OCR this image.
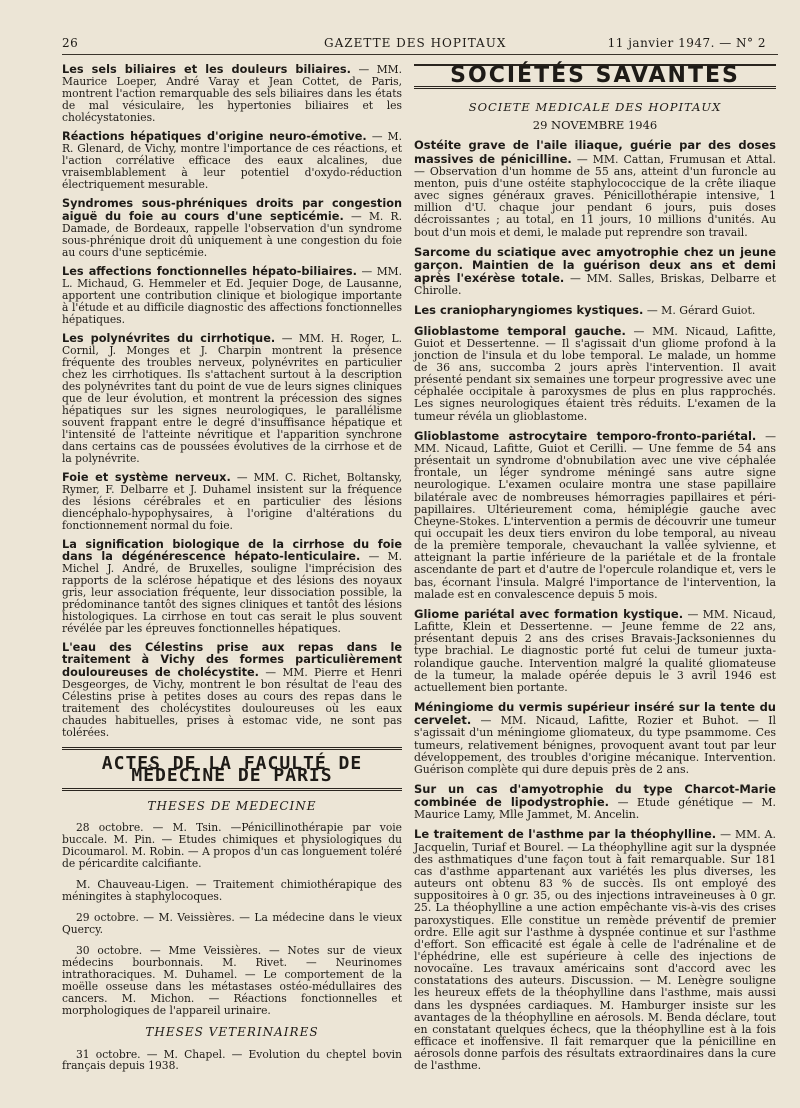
26	GAZETTE DES HOPITAUX	11 janvier 1947. — N° 2
Les sels biliaires et les douleurs biliaires. — MM. Maurice Loeper, André Varay et Jean Cottet, de Paris, montrent l'action remarquable des sels biliaires dans les états de mal vésiculaire, les hypertonies biliaires et les cholécystatonies.
Réactions hépatiques d'origine neuro-émotive. — M. R. Glenard, de Vichy, montre l'importance de ces réactions, et l'action corrélative efficace des eaux alcalines, due vraisemblablement à leur potentiel d'oxydo-réduction électriquement mesurable.
Syndromes sous-phréniques droits par congestion aiguë du foie au cours d'une septicémie. — M. R. Damade, de Bordeaux, rappelle l'observation d'un syndrome sous-phrénique droit dû uniquement à une congestion du foie au cours d'une septicémie.
Les affections fonctionnelles hépato-biliaires. — MM. L. Michaud, G. Hemmeler et Ed. Jequier Doge, de Lausanne, apportent une contribution clinique et biologique importante à l'étude et au difficile diagnostic des affections fonctionnelles hépatiques.
Les polynévrites du cirrhotique. — MM. H. Roger, L. Cornil, J. Monges et J. Charpin montrent la présence fréquente des troubles nerveux, polynévrites en particulier chez les cirrhotiques. Ils s'attachent surtout à la description des polynévrites tant du point de vue de leurs signes cliniques que de leur évolution, et montrent la précession des signes hépatiques sur les signes neurologiques, le parallélisme souvent frappant entre le degré d'insuffisance hépatique et l'intensité de l'atteinte névritique et l'apparition synchrone dans certains cas de poussées évolutives de la cirrhose et de la polynévrite.
Foie et système nerveux. — MM. C. Richet, Boltansky, Rymer, F. Delbarre et J. Duhamel insistent sur la fréquence des lésions cérébrales et en particulier des lésions diencéphalo-hypophysaires, à l'origine d'altérations du fonctionnement normal du foie.
La signification biologique de la cirrhose du foie dans la dégénérescence hépato-lenticulaire. — M. Michel J. André, de Bruxelles, souligne l'imprécision des rapports de la sclérose hépatique et des lésions des noyaux gris, leur association fréquente, leur dissociation possible, la prédominance tantôt des signes cliniques et tantôt des lésions histologiques. La cirrhose en tout cas serait le plus souvent révélée par les épreuves fonctionnelles hépatiques.
L'eau des Célestins prise aux repas dans le traitement à Vichy des formes particulièrement douloureuses de cholécystite. — MM. Pierre et Henri Desgeorges, de Vichy, montrent le bon résultat de l'eau des Célestins prise à petites doses au cours des repas dans le traitement des cholécystites douloureuses où les eaux chaudes habituelles, prises à estomac vide, ne sont pas tolérées.
ACTES DE LA FACULTÉ DE MÉDECINE DE PARIS
THESES DE MEDECINE
28 octobre. — M. Tsin. —Pénicillinothérapie par voie buccale. M. Pin. — Etudes chimiques et physiologiques du Dicoumarol. M. Robin. — A propos d'un cas longuement toléré de péricardite calcifiante.
M. Chauveau-Ligen. — Traitement chimiothérapique des méningites à staphylocoques.
29 octobre. — M. Veissières. — La médecine dans le vieux Quercy.
30 octobre. — Mme Veissières. — Notes sur de vieux médecins bourbonnais. M. Rivet. — Neurinomes intrathoraciques. M. Duhamel. — Le comportement de la moëlle osseuse dans les métastases ostéo-médullaires des cancers. M. Michon. — Réactions fonctionnelles et morphologiques de l'appareil urinaire.
THESES VETERINAIRES
31 octobre. — M. Chapel. — Evolution du cheptel bovin français depuis 1938.
SOCIÉTÉS SAVANTES
SOCIETE MEDICALE DES HOPITAUX
29 NOVEMBRE 1946
Ostéite grave de l'aile iliaque, guérie par des doses massives de pénicilline. — MM. Cattan, Frumusan et Attal. — Observation d'un homme de 55 ans, atteint d'un furoncle au menton, puis d'une ostéite staphylococcique de la crête iliaque avec signes généraux graves. Pénicillothérapie intensive, 1 million d'U. chaque jour pendant 6 jours, puis doses décroissantes ; au total, en 11 jours, 10 millions d'unités. Au bout d'un mois et demi, le malade put reprendre son travail.
Sarcome du sciatique avec amyotrophie chez un jeune garçon. Maintien de la guérison deux ans et demi après l'exérèse totale. — MM. Salles, Briskas, Delbarre et Chirolle.
Les craniopharyngiomes kystiques. — M. Gérard Guiot.
Glioblastome temporal gauche. — MM. Nicaud, Lafitte, Guiot et Dessertenne. — Il s'agissait d'un gliome profond à la jonction de l'insula et du lobe temporal. Le malade, un homme de 36 ans, succomba 2 jours après l'intervention. Il avait présenté pendant six semaines une torpeur progressive avec une céphalée occipitale à paroxysmes de plus en plus rapprochés. Les signes neurologiques étaient très réduits. L'examen de la tumeur révéla un glioblastome.
Glioblastome astrocytaire temporo-fronto-pariétal. — MM. Nicaud, Lafitte, Guiot et Cerilli. — Une femme de 54 ans présentait un syndrome d'obnubilation avec une vive céphalée frontale, un léger syndrome méningé sans autre signe neurologique. L'examen oculaire montra une stase papillaire bilatérale avec de nombreuses hémorragies papillaires et péri-papillaires. Ultérieurement coma, hémiplégie gauche avec Cheyne-Stokes. L'intervention a permis de découvrir une tumeur qui occupait les deux tiers environ du lobe temporal, au niveau de la première temporale, chevauchant la vallée sylvienne, et atteignant la partie inférieure de la pariétale et de la frontale ascendante de part et d'autre de l'opercule rolandique et, vers le bas, écornant l'insula. Malgré l'importance de l'intervention, la malade est en convalescence depuis 5 mois.
Gliome pariétal avec formation kystique. — MM. Nicaud, Lafitte, Klein et Dessertenne. — Jeune femme de 22 ans, présentant depuis 2 ans des crises Bravais-Jacksoniennes du type brachial. Le diagnostic porté fut celui de tumeur juxta-rolandique gauche. Intervention malgré la qualité gliomateuse de la tumeur, la malade opérée depuis le 3 avril 1946 est actuellement bien portante.
Méningiome du vermis supérieur inséré sur la tente du cervelet. — MM. Nicaud, Lafitte, Rozier et Buhot. — Il s'agissait d'un méningiome gliomateux, du type psammome. Ces tumeurs, relativement bénignes, provoquent avant tout par leur développement, des troubles d'origine mécanique. Intervention. Guérison complète qui dure depuis près de 2 ans.
Sur un cas d'amyotrophie du type Charcot-Marie combinée de lipodystrophie. — Etude génétique — M. Maurice Lamy, Mlle Jammet, M. Ancelin.
Le traitement de l'asthme par la théophylline. — MM. A. Jacquelin, Turiaf et Bourel. — La théophylline agit sur la dyspnée des asthmatiques d'une façon tout à fait remarquable. Sur 181 cas d'asthme appartenant aux variétés les plus diverses, les auteurs ont obtenu 83 % de succès. Ils ont employé des suppositoires à 0 gr. 35, ou des injections intraveineuses à 0 gr. 25. La théophylline a une action empêchante vis-à-vis des crises paroxystiques. Elle constitue un remède préventif de premier ordre. Elle agit sur l'asthme à dyspnée continue et sur l'asthme d'effort. Son efficacité est égale à celle de l'adrénaline et de l'éphédrine, elle est supérieure à celle des injections de novocaïne. Les travaux américains sont d'accord avec les constatations des auteurs. Discussion. — M. Lenègre souligne les heureux effets de la théophylline dans l'asthme, mais aussi dans les dyspnées cardiaques. M. Hamburger insiste sur les avantages de la théophylline en aérosols. M. Benda déclare, tout en constatant quelques échecs, que la théophylline est à la fois efficace et inoffensive. Il fait remarquer que la pénicilline en aérosols donne parfois des résultats extraordinaires dans la cure de l'asthme.
